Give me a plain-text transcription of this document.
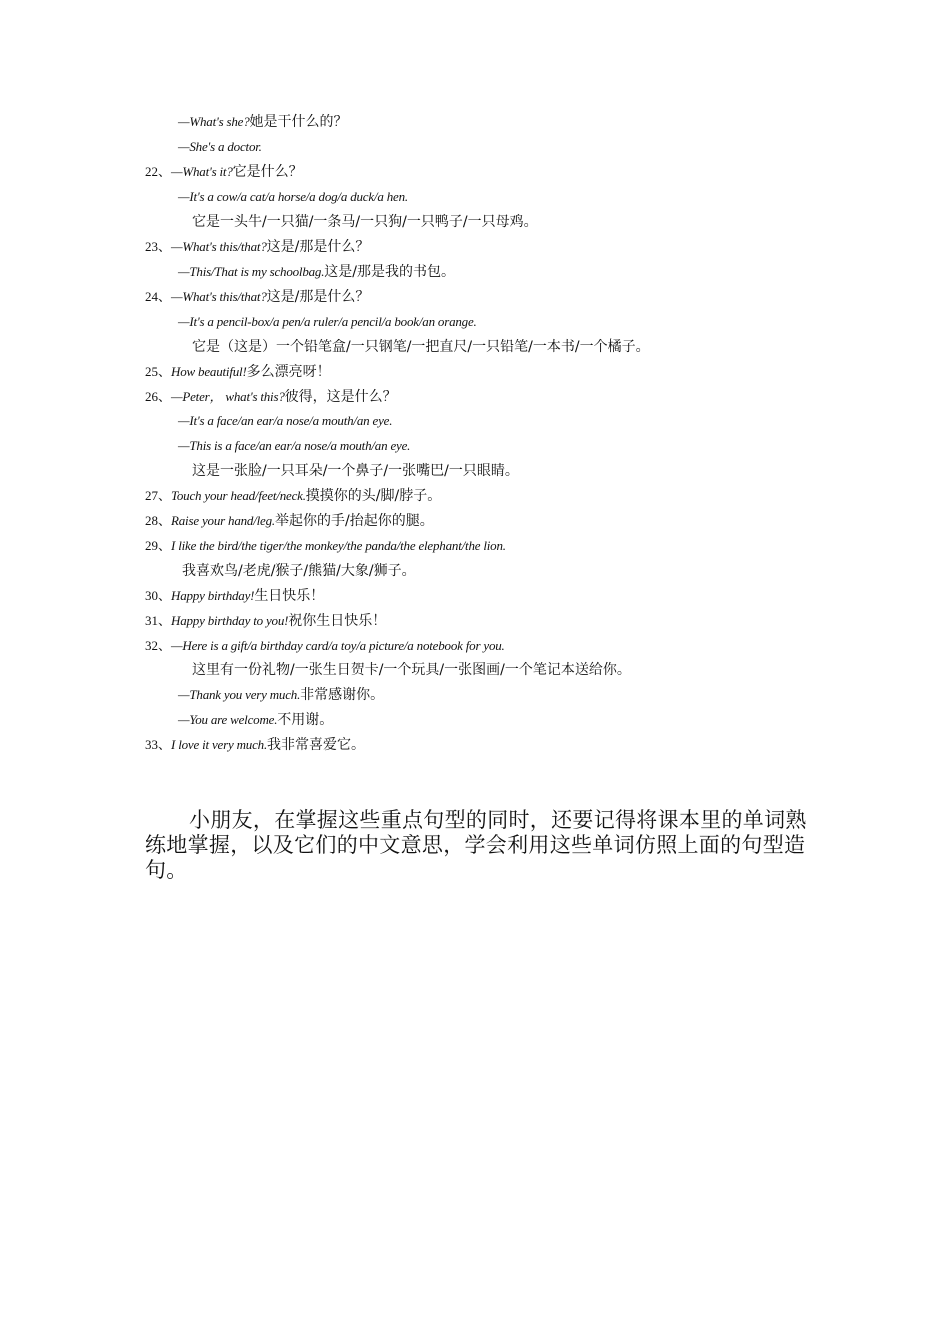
—What's she?她是干什么的？
—She's a doctor.
22、—What's it?它是什么？
—It's a cow/a cat/a horse/a dog/a duck/a hen.
它是一头牛/一只猫/一条马/一只狗/一只鸭子/一只母鸡。
23、—What's this/that?这是/那是什么？
—This/That is my schoolbag.这是/那是我的书包。
24、—What's this/that?这是/那是什么？
—It's a pencil-box/a pen/a ruler/a pencil/a book/an orange.
它是（这是）一个铅笔盒/一只钢笔/一把直尺/一只铅笔/一本书/一个橘子。
25、How beautiful!多么漂亮呀！
26、—Peter， what's this?彼得，这是什么？
—It's a face/an ear/a nose/a mouth/an eye.
—This is a face/an ear/a nose/a mouth/an eye.
这是一张脸/一只耳朵/一个鼻子/一张嘴巴/一只眼睛。
27、Touch your head/feet/neck.摸摸你的头/脚/脖子。
28、Raise your hand/leg.举起你的手/抬起你的腿。
29、I like the bird/the tiger/the monkey/the panda/the elephant/the lion.
我喜欢鸟/老虎/猴子/熊猫/大象/狮子。
30、Happy birthday!生日快乐！
31、Happy birthday to you!祝你生日快乐！
32、—Here is a gift/a birthday card/a toy/a picture/a notebook for you.
这里有一份礼物/一张生日贺卡/一个玩具/一张图画/一个笔记本送给你。
—Thank you very much.非常感谢你。
—You are welcome.不用谢。
33、I love it very much.我非常喜爱它。

小朋友，在掌握这些重点句型的同时，还要记得将课本里的单词熟练地掌握，以及它们的中文意思，学会利用这些单词仿照上面的句型造句。
